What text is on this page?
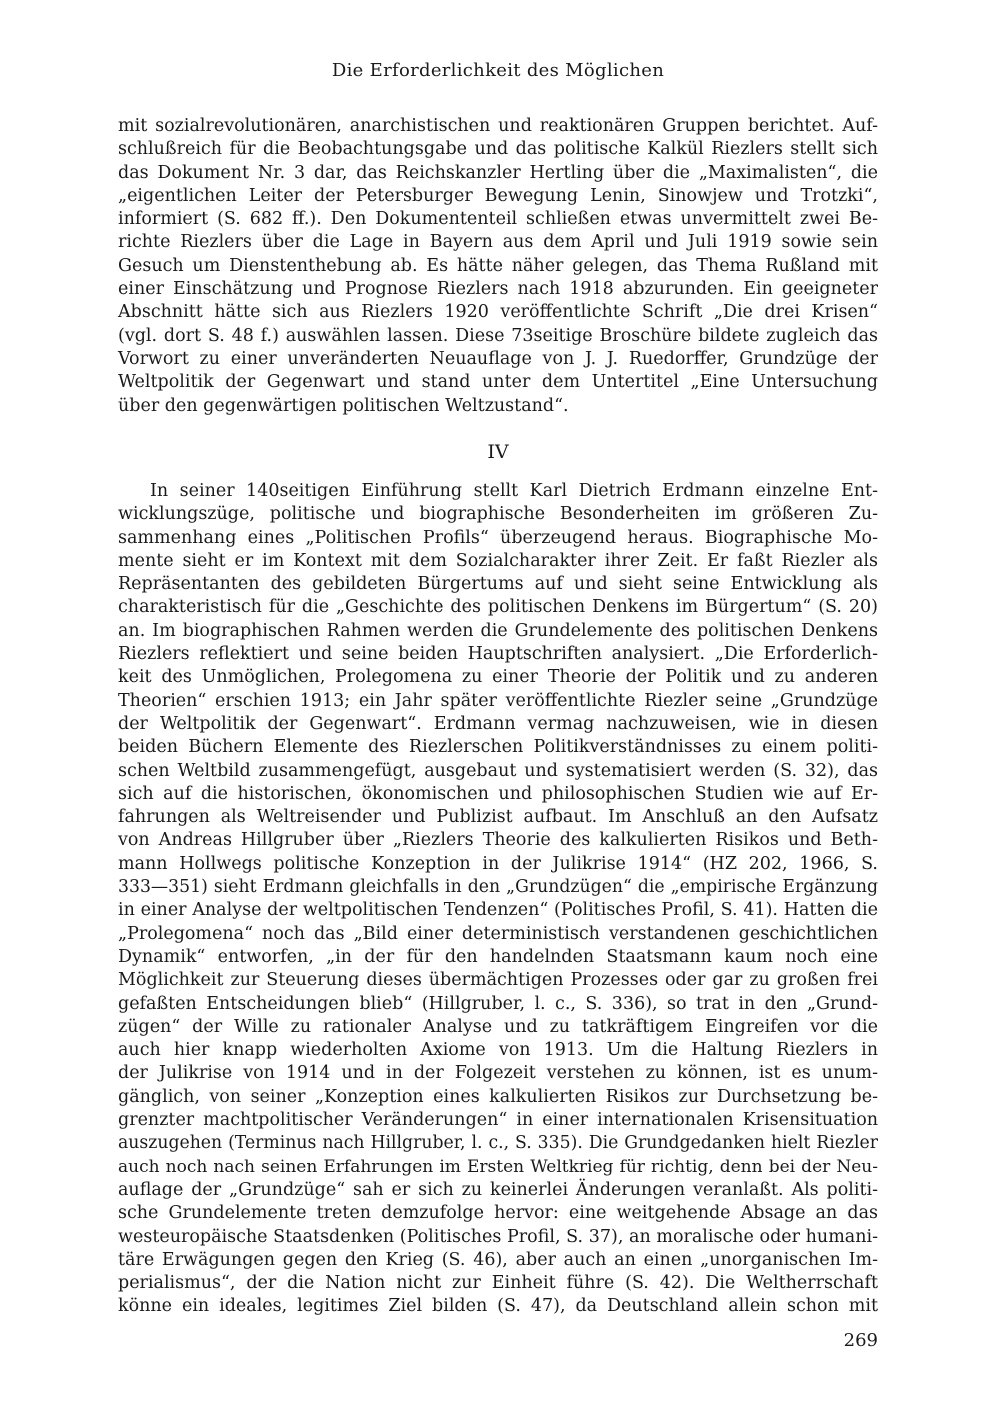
Die Erforderlichkeit des Möglichen
mit sozialrevolutionären, anarchistischen und reaktionären Gruppen berichtet. Auf-
schlußreich für die Beobachtungsgabe und das politische Kalkül Riezlers stellt sich
das Dokument Nr. 3 dar, das Reichskanzler Hertling über die „Maximalisten“, die
„eigentlichen Leiter der Petersburger Bewegung Lenin, Sinowjew und Trotzki“,
informiert (S. 682 ff.). Den Dokumententeil schließen etwas unvermittelt zwei Be-
richte Riezlers über die Lage in Bayern aus dem April und Juli 1919 sowie sein
Gesuch um Dienstenthebung ab. Es hätte näher gelegen, das Thema Rußland mit
einer Einschätzung und Prognose Riezlers nach 1918 abzurunden. Ein geeigneter
Abschnitt hätte sich aus Riezlers 1920 veröffentlichte Schrift „Die drei Krisen“
(vgl. dort S. 48 f.) auswählen lassen. Diese 73seitige Broschüre bildete zugleich das
Vorwort zu einer unveränderten Neuauflage von J. J. Ruedorffer, Grundzüge der
Weltpolitik der Gegenwart und stand unter dem Untertitel „Eine Untersuchung
über den gegenwärtigen politischen Weltzustand“.
IV
In seiner 140seitigen Einführung stellt Karl Dietrich Erdmann einzelne Ent-
wicklungszüge, politische und biographische Besonderheiten im größeren Zu-
sammenhang eines „Politischen Profils“ überzeugend heraus. Biographische Mo-
mente sieht er im Kontext mit dem Sozialcharakter ihrer Zeit. Er faßt Riezler als
Repräsentanten des gebildeten Bürgertums auf und sieht seine Entwicklung als
charakteristisch für die „Geschichte des politischen Denkens im Bürgertum“ (S. 20)
an. Im biographischen Rahmen werden die Grundelemente des politischen Denkens
Riezlers reflektiert und seine beiden Hauptschriften analysiert. „Die Erforderlich-
keit des Unmöglichen, Prolegomena zu einer Theorie der Politik und zu anderen
Theorien“ erschien 1913; ein Jahr später veröffentlichte Riezler seine „Grundzüge
der Weltpolitik der Gegenwart“. Erdmann vermag nachzuweisen, wie in diesen
beiden Büchern Elemente des Riezlerschen Politikverständnisses zu einem politi-
schen Weltbild zusammengefügt, ausgebaut und systematisiert werden (S. 32), das
sich auf die historischen, ökonomischen und philosophischen Studien wie auf Er-
fahrungen als Weltreisender und Publizist aufbaut. Im Anschluß an den Aufsatz
von Andreas Hillgruber über „Riezlers Theorie des kalkulierten Risikos und Beth-
mann Hollwegs politische Konzeption in der Julikrise 1914“ (HZ 202, 1966, S.
333—351) sieht Erdmann gleichfalls in den „Grundzügen“ die „empirische Ergänzung
in einer Analyse der weltpolitischen Tendenzen“ (Politisches Profil, S. 41). Hatten die
„Prolegomena“ noch das „Bild einer deterministisch verstandenen geschichtlichen
Dynamik“ entworfen, „in der für den handelnden Staatsmann kaum noch eine
Möglichkeit zur Steuerung dieses übermächtigen Prozesses oder gar zu großen frei
gefaßten Entscheidungen blieb“ (Hillgruber, l. c., S. 336), so trat in den „Grund-
zügen“ der Wille zu rationaler Analyse und zu tatkräftigem Eingreifen vor die
auch hier knapp wiederholten Axiome von 1913. Um die Haltung Riezlers in
der Julikrise von 1914 und in der Folgezeit verstehen zu können, ist es unum-
gänglich, von seiner „Konzeption eines kalkulierten Risikos zur Durchsetzung be-
grenzter machtpolitischer Veränderungen“ in einer internationalen Krisensituation
auszugehen (Terminus nach Hillgruber, l. c., S. 335). Die Grundgedanken hielt Riezler
auch noch nach seinen Erfahrungen im Ersten Weltkrieg für richtig, denn bei der Neu-
auflage der „Grundzüge“ sah er sich zu keinerlei Änderungen veranlaßt. Als politi-
sche Grundelemente treten demzufolge hervor: eine weitgehende Absage an das
westeuropäische Staatsdenken (Politisches Profil, S. 37), an moralische oder humani-
täre Erwägungen gegen den Krieg (S. 46), aber auch an einen „unorganischen Im-
perialismus“, der die Nation nicht zur Einheit führe (S. 42). Die Weltherrschaft
könne ein ideales, legitimes Ziel bilden (S. 47), da Deutschland allein schon mit
269
